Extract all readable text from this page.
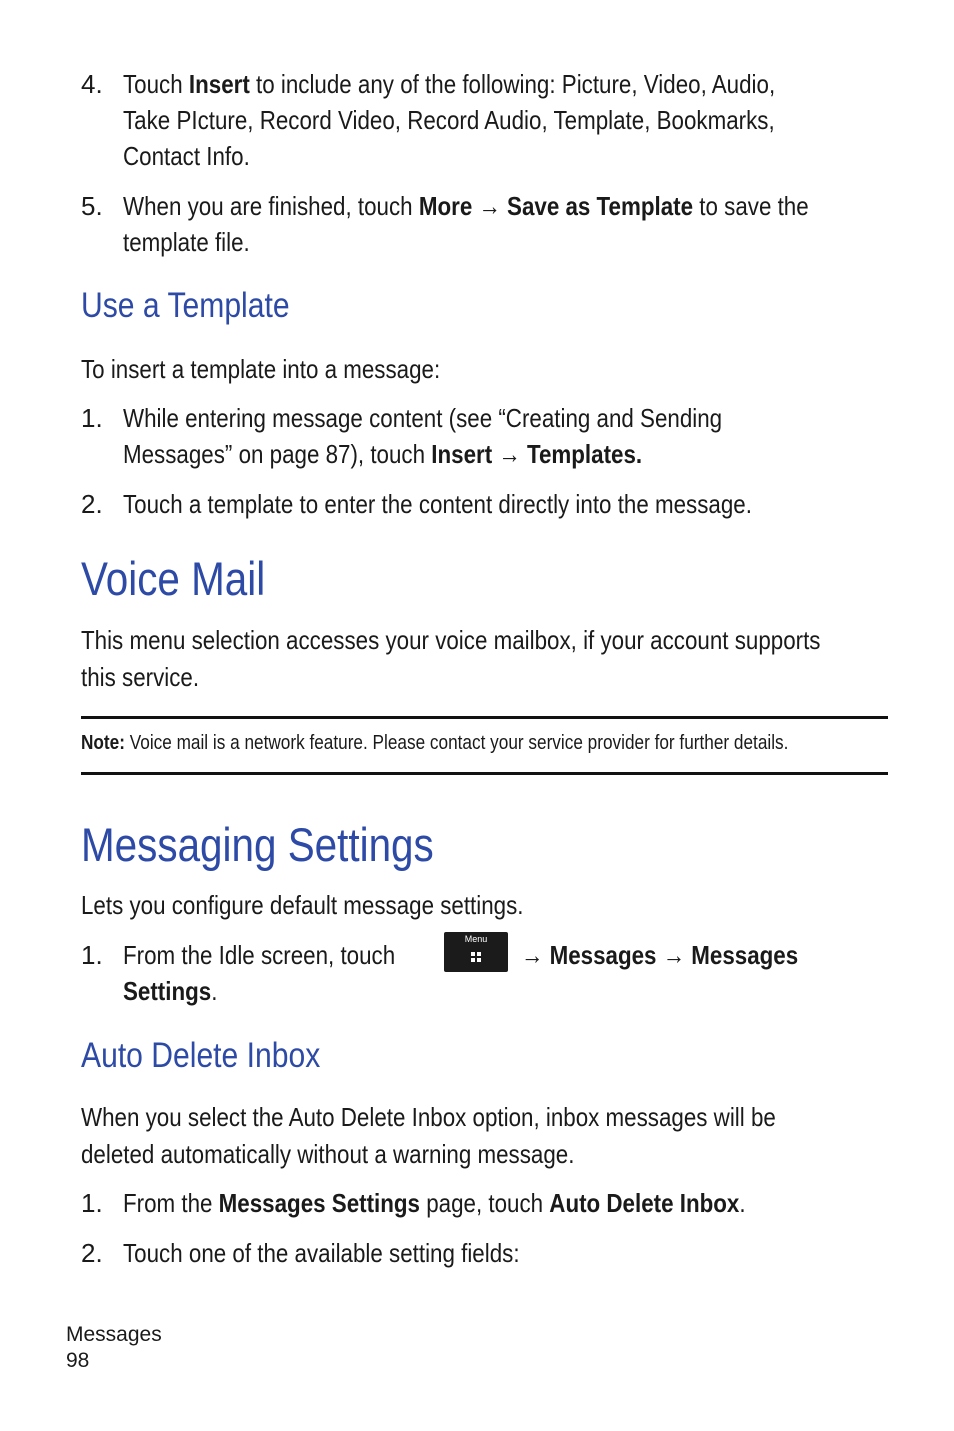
4. Touch Insert to include any of the following: Picture, Video, Audio,
Take PIcture, Record Video, Record Audio, Template, Bookmarks,
Contact Info.
5. When you are finished, touch More → Save as Template to save the
template file.
Use a Template
To insert a template into a message:
1. While entering message content (see “Creating and Sending
Messages” on page 87), touch Insert → Templates.
2. Touch a template to enter the content directly into the message.
Voice Mail
This menu selection accesses your voice mailbox, if your account supports
this service.
Note: Voice mail is a network feature. Please contact your service provider for further details.
Messaging Settings
Lets you configure default message settings.
1. From the Idle screen, touch
Menu
→ Messages → Messages
Settings.
Auto Delete Inbox
When you select the Auto Delete Inbox option, inbox messages will be
deleted automatically without a warning message.
1. From the Messages Settings page, touch Auto Delete Inbox.
2. Touch one of the available setting fields:
Messages
98
